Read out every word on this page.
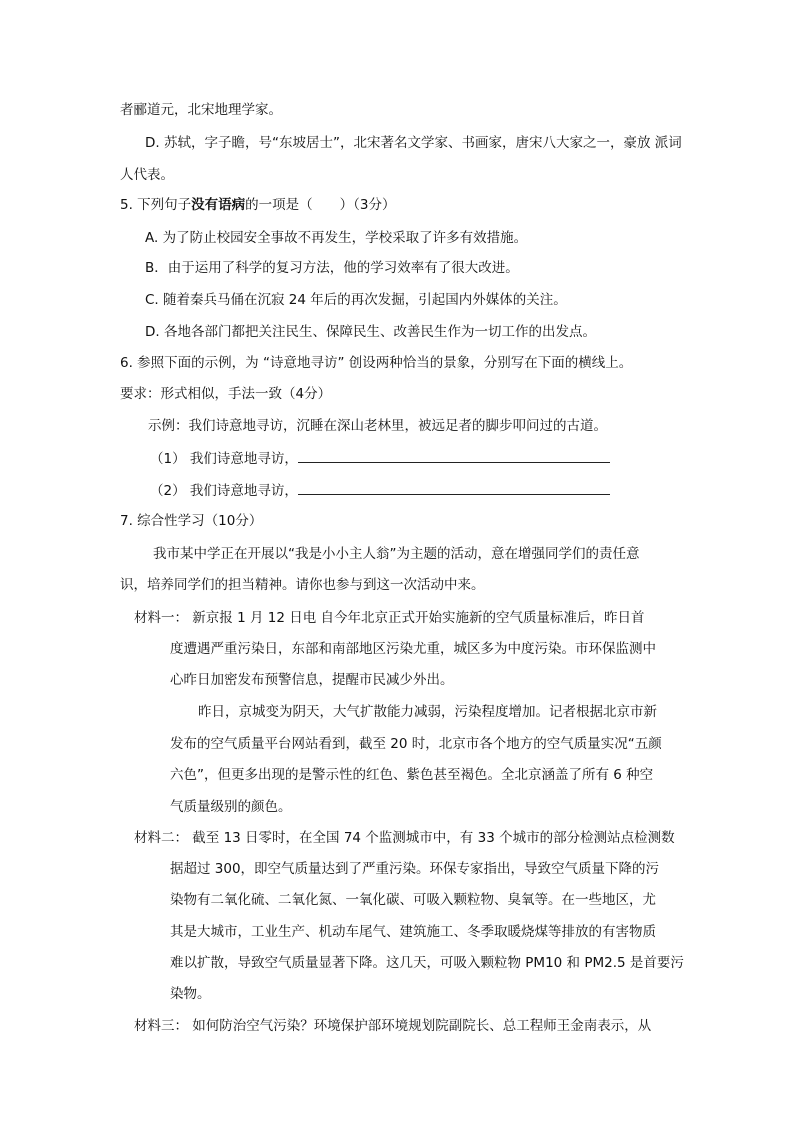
者郦道元，北宋地理学家。
D. 苏轼，字子瞻，号“东坡居士”，北宋著名文学家、书画家，唐宋八大家之一，豪放 派词
人代表。
5. 下列句子没有语病的一项是（　　）（3分）
A. 为了防止校园安全事故不再发生，学校采取了许多有效措施。
B．由于运用了科学的复习方法，他的学习效率有了很大改进。
C. 随着秦兵马俑在沉寂 24 年后的再次发掘，引起国内外媒体的关注。
D. 各地各部门都把关注民生、保障民生、改善民生作为一切工作的出发点。
6. 参照下面的示例，为 “诗意地寻访” 创设两种恰当的景象，分别写在下面的横线上。
要求：形式相似，手法一致（4分）
示例：我们诗意地寻访，沉睡在深山老林里，被远足者的脚步叩问过的古道。
（1） 我们诗意地寻访，
（2） 我们诗意地寻访，
7. 综合性学习（10分）
我市某中学正在开展以“我是小小主人翁”为主题的活动，意在增强同学们的责任意
识，培养同学们的担当精神。请你也参与到这一次活动中来。
材料一： 新京报 1 月 12 日电 自今年北京正式开始实施新的空气质量标准后，昨日首
度遭遇严重污染日，东部和南部地区污染尤重，城区多为中度污染。市环保监测中
心昨日加密发布预警信息，提醒市民减少外出。
昨日，京城变为阴天，大气扩散能力减弱，污染程度增加。记者根据北京市新
发布的空气质量平台网站看到，截至 20 时，北京市各个地方的空气质量实况“五颜
六色”，但更多出现的是警示性的红色、紫色甚至褐色。全北京涵盖了所有 6 种空
气质量级别的颜色。
材料二： 截至 13 日零时，在全国 74 个监测城市中，有 33 个城市的部分检测站点检测数
据超过 300，即空气质量达到了严重污染。环保专家指出，导致空气质量下降的污
染物有二氧化硫、二氧化氮、一氧化碳、可吸入颗粒物、臭氧等。在一些地区，尤
其是大城市，工业生产、机动车尾气、建筑施工、冬季取暖烧煤等排放的有害物质
难以扩散，导致空气质量显著下降。这几天，可吸入颗粒物 PM10 和 PM2.5 是首要污
染物。
材料三： 如何防治空气污染？环境保护部环境规划院副院长、总工程师王金南表示，从
